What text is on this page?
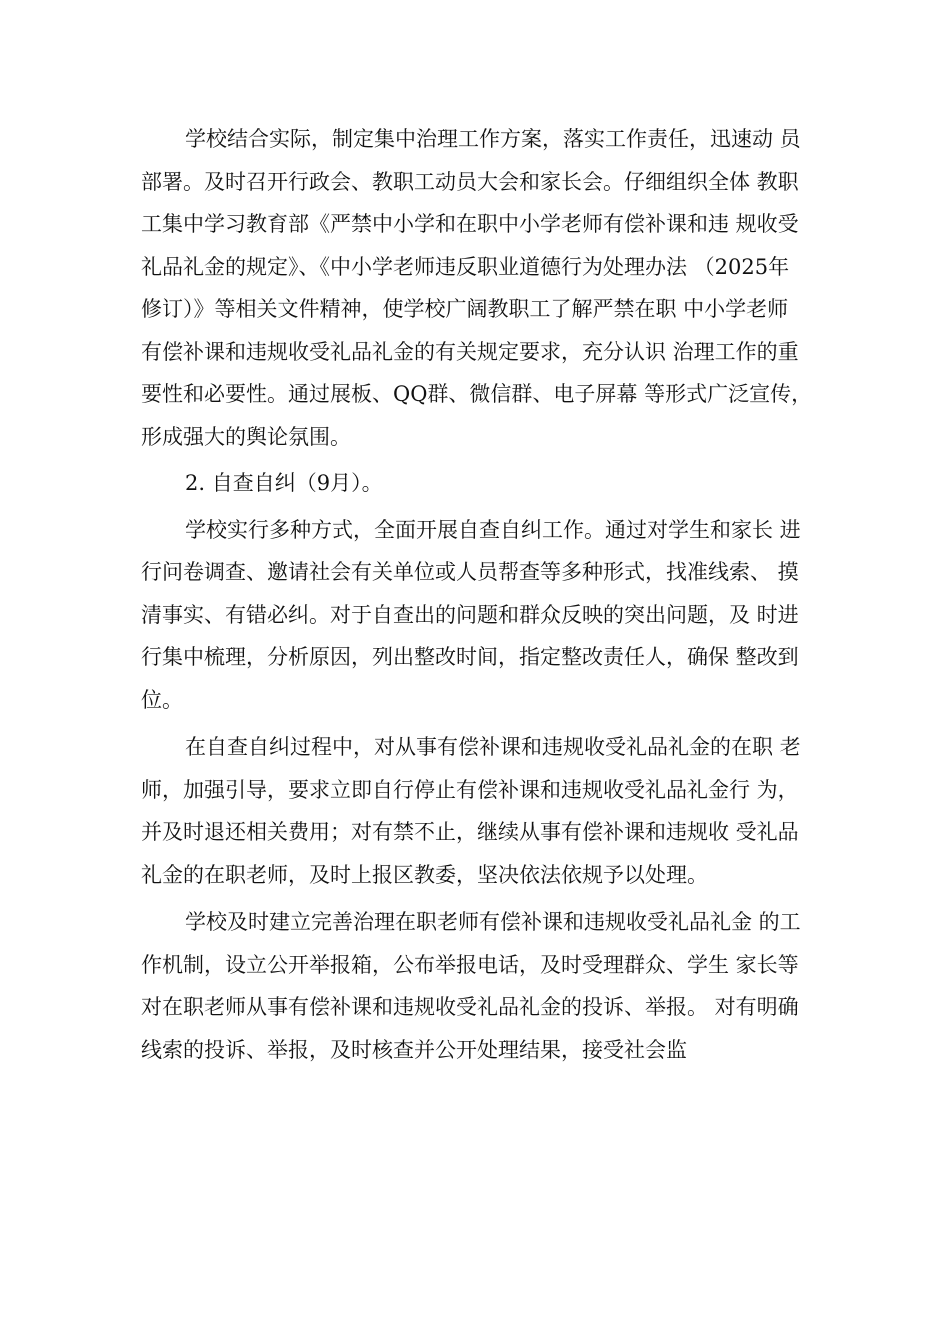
学校结合实际，制定集中治理工作方案，落实工作责任，迅速动 员
部署。及时召开行政会、教职工动员大会和家长会。仔细组织全体 教职
工集中学习教育部《严禁中小学和在职中小学老师有偿补课和违 规收受
礼品礼金的规定》、《中小学老师违反职业道德行为处理办法 （2025年
修订）》等相关文件精神，使学校广阔教职工了解严禁在职 中小学老师
有偿补课和违规收受礼品礼金的有关规定要求，充分认识 治理工作的重
要性和必要性。通过展板、QQ群、微信群、电子屏幕 等形式广泛宣传，
形成强大的舆论氛围。
2. 自查自纠（9月）。
学校实行多种方式，全面开展自查自纠工作。通过对学生和家长 进
行问卷调查、邀请社会有关单位或人员帮查等多种形式，找准线索、 摸
清事实、有错必纠。对于自查出的问题和群众反映的突出问题，及 时进
行集中梳理，分析原因，列出整改时间，指定整改责任人，确保 整改到
位。
在自查自纠过程中，对从事有偿补课和违规收受礼品礼金的在职 老
师，加强引导，要求立即自行停止有偿补课和违规收受礼品礼金行 为，
并及时退还相关费用；对有禁不止，继续从事有偿补课和违规收 受礼品
礼金的在职老师，及时上报区教委，坚决依法依规予以处理。
学校及时建立完善治理在职老师有偿补课和违规收受礼品礼金 的工
作机制，设立公开举报箱，公布举报电话，及时受理群众、学生 家长等
对在职老师从事有偿补课和违规收受礼品礼金的投诉、举报。 对有明确
线索的投诉、举报，及时核查并公开处理结果，接受社会监
